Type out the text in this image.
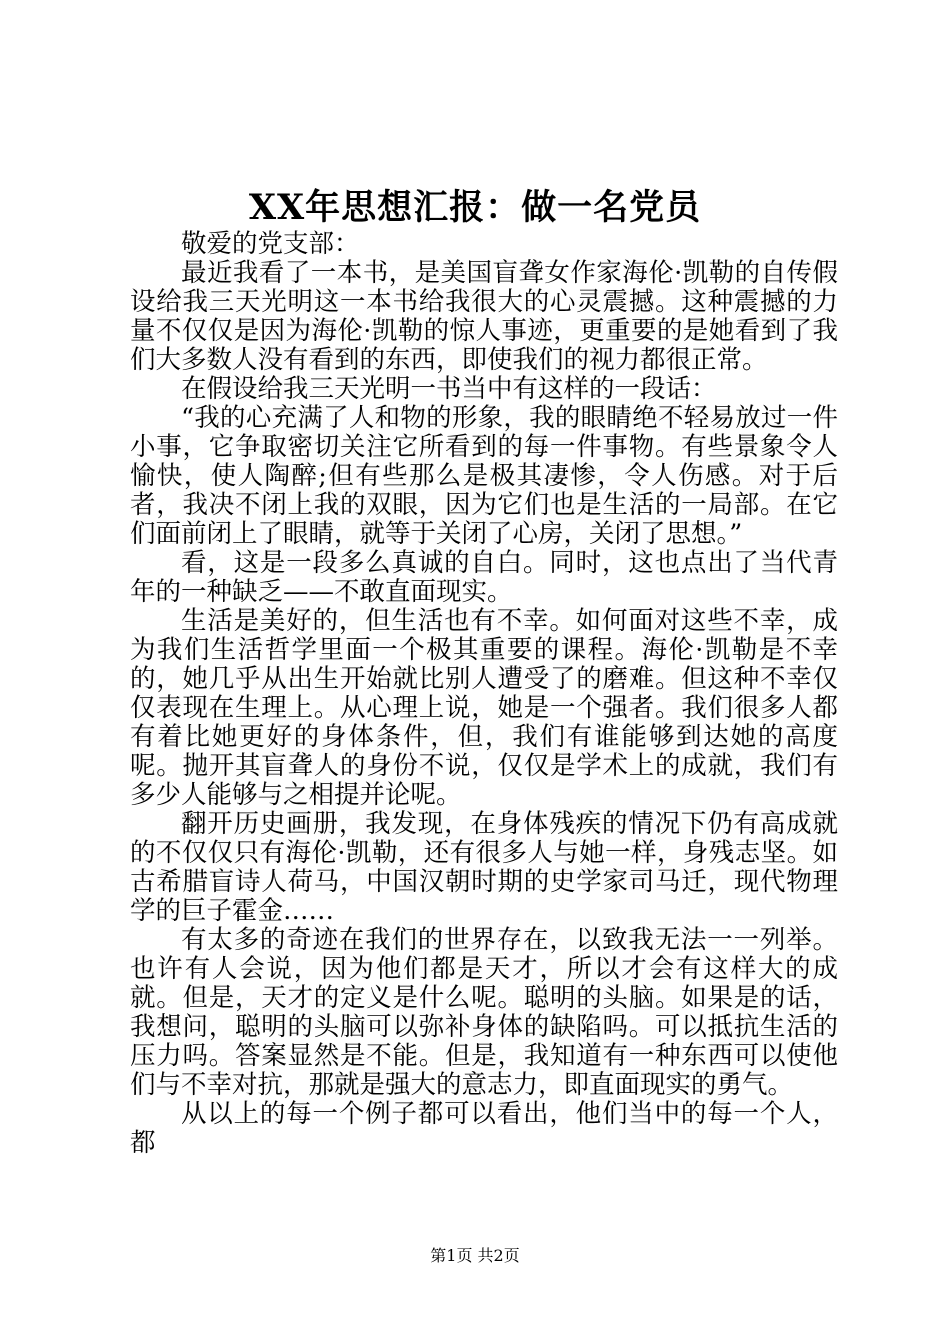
XX年思想汇报：做一名党员

敬爱的党支部：

最近我看了一本书，是美国盲聋女作家海伦·凯勒的自传假设给我三天光明这一本书给我很大的心灵震撼。这种震撼的力量不仅仅是因为海伦·凯勒的惊人事迹，更重要的是她看到了我们大多数人没有看到的东西，即使我们的视力都很正常。

在假设给我三天光明一书当中有这样的一段话：

“我的心充满了人和物的形象，我的眼睛绝不轻易放过一件小事，它争取密切关注它所看到的每一件事物。有些景象令人愉快，使人陶醉;但有些那么是极其凄惨，令人伤感。对于后者，我决不闭上我的双眼，因为它们也是生活的一局部。在它们面前闭上了眼睛，就等于关闭了心房，关闭了思想。”

看，这是一段多么真诚的自白。同时，这也点出了当代青年的一种缺乏——不敢直面现实。

生活是美好的，但生活也有不幸。如何面对这些不幸，成为我们生活哲学里面一个极其重要的课程。海伦·凯勒是不幸的，她几乎从出生开始就比别人遭受了的磨难。但这种不幸仅仅表现在生理上。从心理上说，她是一个强者。我们很多人都有着比她更好的身体条件，但，我们有谁能够到达她的高度呢。抛开其盲聋人的身份不说，仅仅是学术上的成就，我们有多少人能够与之相提并论呢。

翻开历史画册，我发现，在身体残疾的情况下仍有高成就的不仅仅只有海伦·凯勒，还有很多人与她一样，身残志坚。如古希腊盲诗人荷马，中国汉朝时期的史学家司马迁，现代物理学的巨子霍金……

有太多的奇迹在我们的世界存在，以致我无法一一列举。也许有人会说，因为他们都是天才，所以才会有这样大的成就。但是，天才的定义是什么呢。聪明的头脑。如果是的话，我想问，聪明的头脑可以弥补身体的缺陷吗。可以抵抗生活的压力吗。答案显然是不能。但是，我知道有一种东西可以使他们与不幸对抗，那就是强大的意志力，即直面现实的勇气。

从以上的每一个例子都可以看出，他们当中的每一个人，都

第1页 共2页
